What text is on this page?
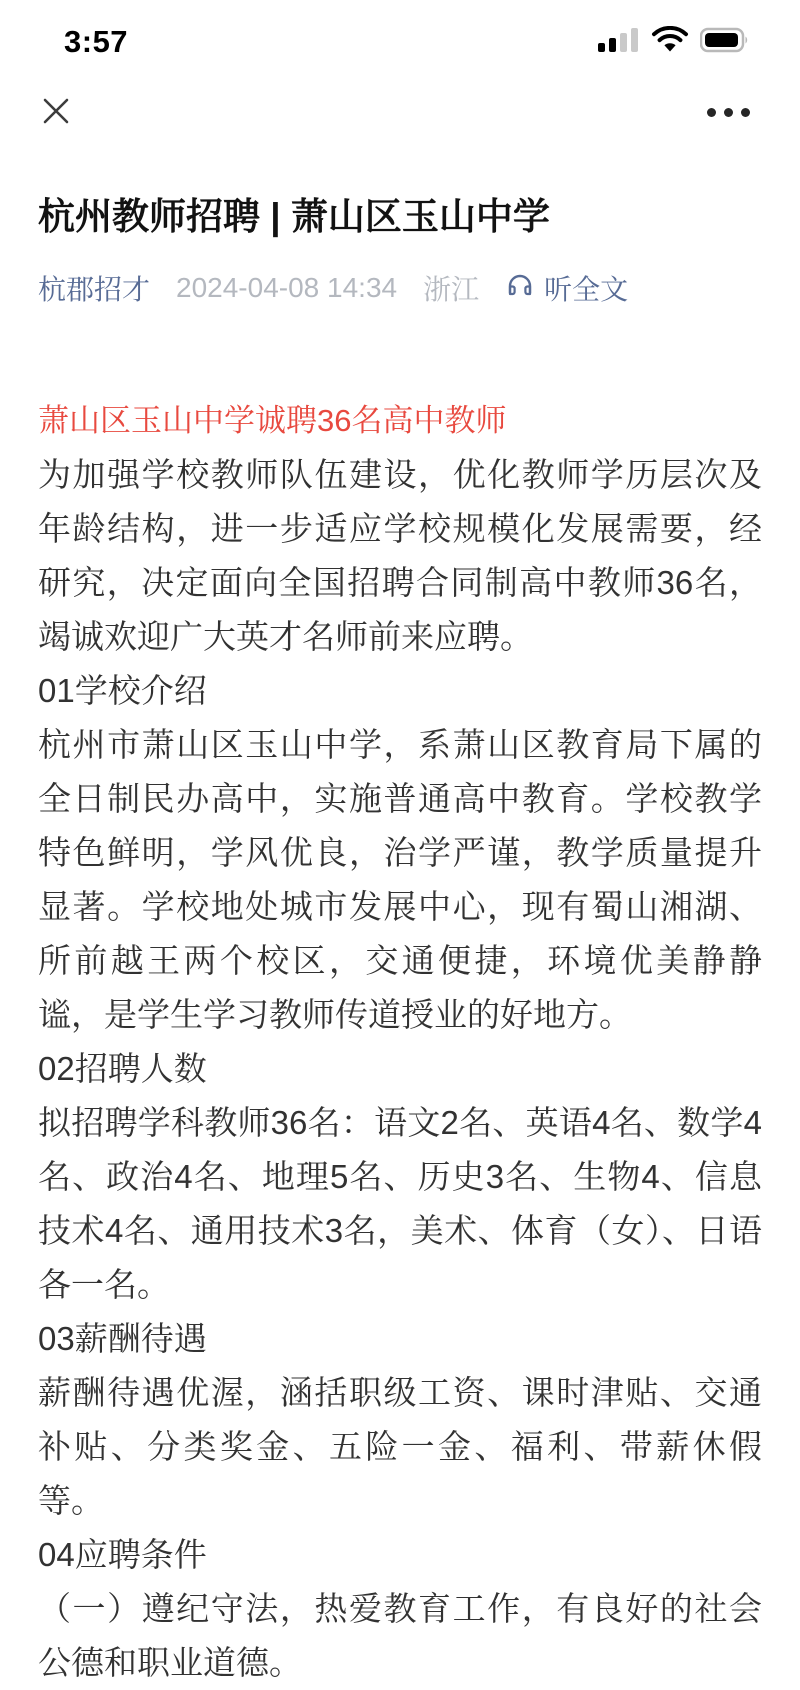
3:57
杭州教师招聘 | 萧山区玉山中学
杭郡招才 2024-04-08 14:34 浙江 听全文

萧山区玉山中学诚聘36名高中教师

为加强学校教师队伍建设，优化教师学历层次及年龄结构，进一步适应学校规模化发展需要，经研究，决定面向全国招聘合同制高中教师36名，竭诚欢迎广大英才名师前来应聘。

01学校介绍

杭州市萧山区玉山中学，系萧山区教育局下属的全日制民办高中，实施普通高中教育。学校教学特色鲜明，学风优良，治学严谨，教学质量提升显著。学校地处城市发展中心，现有蜀山湘湖、所前越王两个校区，交通便捷，环境优美静静谧，是学生学习教师传道授业的好地方。

02招聘人数

拟招聘学科教师36名：语文2名、英语4名、数学4名、政治4名、地理5名、历史3名、生物4、信息技术4名、通用技术3名，美术、体育（女）、日语各一名。

03薪酬待遇

薪酬待遇优渥，涵括职级工资、课时津贴、交通补贴、分类奖金、五险一金、福利、带薪休假等。

04应聘条件

（一）遵纪守法，热爱教育工作，有良好的社会公德和职业道德。
